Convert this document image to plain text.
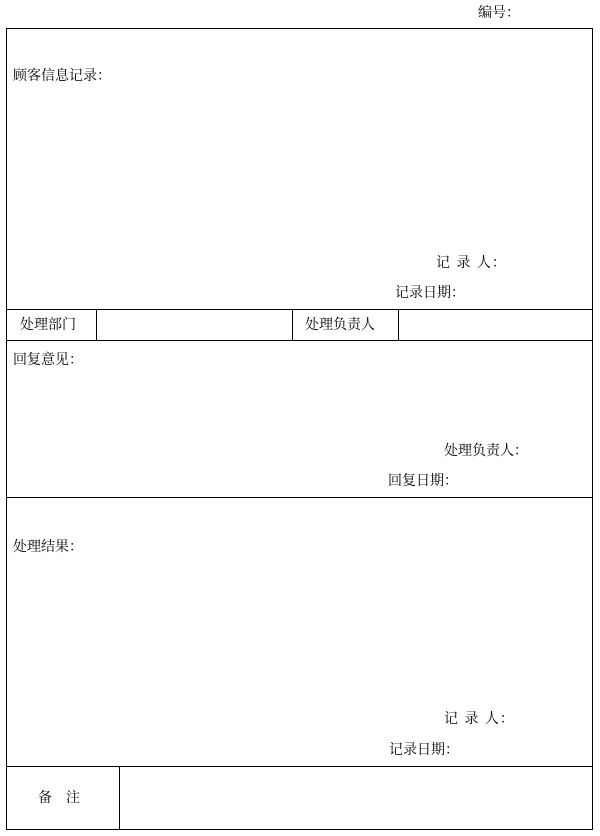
编号：
顾客信息记录：
记 录 人：
记录日期：
处理部门	处理负责人
回复意见：
处理负责人：
回复日期：
处理结果：
记 录 人：
记录日期：
备　注
